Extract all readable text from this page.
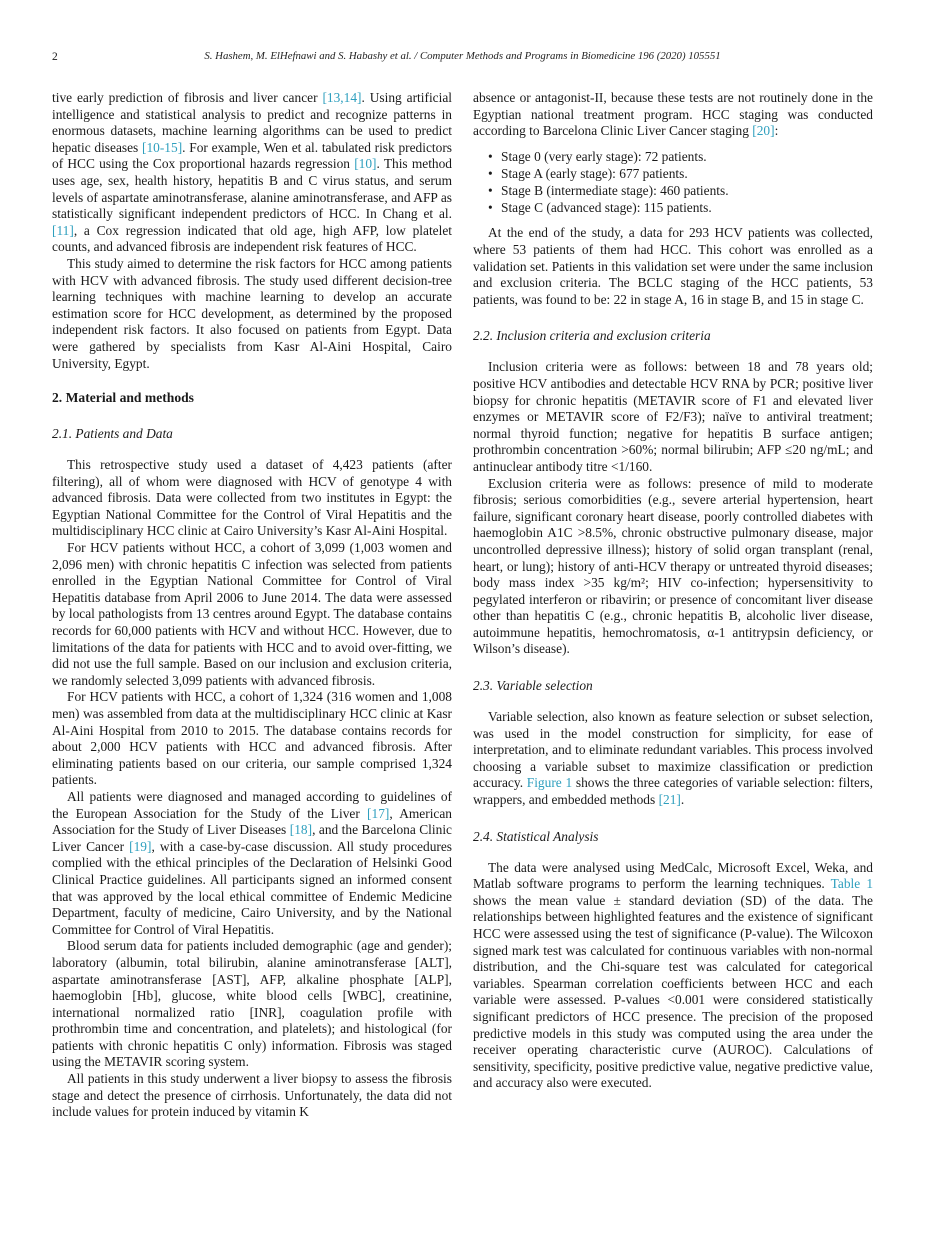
2	S. Hashem, M. ElHefnawi and S. Habashy et al. / Computer Methods and Programs in Biomedicine 196 (2020) 105551

tive early prediction of fibrosis and liver cancer [13,14]. Using artificial intelligence and statistical analysis to predict and recognize patterns in enormous datasets, machine learning algorithms can be used to predict hepatic diseases [10-15]. For example, Wen et al. tabulated risk predictors of HCC using the Cox proportional hazards regression [10]. This method uses age, sex, health history, hepatitis B and C virus status, and serum levels of aspartate aminotransferase, alanine aminotransferase, and AFP as statistically significant independent predictors of HCC. In Chang et al. [11], a Cox regression indicated that old age, high AFP, low platelet counts, and advanced fibrosis are independent risk features of HCC.

This study aimed to determine the risk factors for HCC among patients with HCV with advanced fibrosis. The study used different decision-tree learning techniques with machine learning to develop an accurate estimation score for HCC development, as determined by the proposed independent risk factors. It also focused on patients from Egypt. Data were gathered by specialists from Kasr Al-Aini Hospital, Cairo University, Egypt.

2. Material and methods
2.1. Patients and Data

This retrospective study used a dataset of 4,423 patients (after filtering), all of whom were diagnosed with HCV of genotype 4 with advanced fibrosis. Data were collected from two institutes in Egypt: the Egyptian National Committee for the Control of Viral Hepatitis and the multidisciplinary HCC clinic at Cairo University’s Kasr Al-Aini Hospital.

For HCV patients without HCC, a cohort of 3,099 (1,003 women and 2,096 men) with chronic hepatitis C infection was selected from patients enrolled in the Egyptian National Committee for Control of Viral Hepatitis database from April 2006 to June 2014. The data were assessed by local pathologists from 13 centres around Egypt. The database contains records for 60,000 patients with HCV and without HCC. However, due to limitations of the data for patients with HCC and to avoid over-fitting, we did not use the full sample. Based on our inclusion and exclusion criteria, we randomly selected 3,099 patients with advanced fibrosis.

For HCV patients with HCC, a cohort of 1,324 (316 women and 1,008 men) was assembled from data at the multidisciplinary HCC clinic at Kasr Al-Aini Hospital from 2010 to 2015. The database contains records for about 2,000 HCV patients with HCC and advanced fibrosis. After eliminating patients based on our criteria, our sample comprised 1,324 patients.

All patients were diagnosed and managed according to guidelines of the European Association for the Study of the Liver [17], American Association for the Study of Liver Diseases [18], and the Barcelona Clinic Liver Cancer [19], with a case-by-case discussion. All study procedures complied with the ethical principles of the Declaration of Helsinki Good Clinical Practice guidelines. All participants signed an informed consent that was approved by the local ethical committee of Endemic Medicine Department, faculty of medicine, Cairo University, and by the National Committee for Control of Viral Hepatitis.

Blood serum data for patients included demographic (age and gender); laboratory (albumin, total bilirubin, alanine aminotransferase [ALT], aspartate aminotransferase [AST], AFP, alkaline phosphate [ALP], haemoglobin [Hb], glucose, white blood cells [WBC], creatinine, international normalized ratio [INR], coagulation profile with prothrombin time and concentration, and platelets); and histological (for patients with chronic hepatitis C only) information. Fibrosis was staged using the METAVIR scoring system.

All patients in this study underwent a liver biopsy to assess the fibrosis stage and detect the presence of cirrhosis. Unfortunately, the data did not include values for protein induced by vitamin K

absence or antagonist-II, because these tests are not routinely done in the Egyptian national treatment program. HCC staging was conducted according to Barcelona Clinic Liver Cancer staging [20]:

• Stage 0 (very early stage): 72 patients.
• Stage A (early stage): 677 patients.
• Stage B (intermediate stage): 460 patients.
• Stage C (advanced stage): 115 patients.

At the end of the study, a data for 293 HCV patients was collected, where 53 patients of them had HCC. This cohort was enrolled as a validation set. Patients in this validation set were under the same inclusion and exclusion criteria. The BCLC staging of the HCC patients, 53 patients, was found to be: 22 in stage A, 16 in stage B, and 15 in stage C.

2.2. Inclusion criteria and exclusion criteria

Inclusion criteria were as follows: between 18 and 78 years old; positive HCV antibodies and detectable HCV RNA by PCR; positive liver biopsy for chronic hepatitis (METAVIR score of F1 and elevated liver enzymes or METAVIR score of F2/F3); naïve to antiviral treatment; normal thyroid function; negative for hepatitis B surface antigen; prothrombin concentration >60%; normal bilirubin; AFP ≤20 ng/mL; and antinuclear antibody titre <1/160.

Exclusion criteria were as follows: presence of mild to moderate fibrosis; serious comorbidities (e.g., severe arterial hypertension, heart failure, significant coronary heart disease, poorly controlled diabetes with haemoglobin A1C >8.5%, chronic obstructive pulmonary disease, major uncontrolled depressive illness); history of solid organ transplant (renal, heart, or lung); history of anti-HCV therapy or untreated thyroid diseases; body mass index >35 kg/m²; HIV co-infection; hypersensitivity to pegylated interferon or ribavirin; or presence of concomitant liver disease other than hepatitis C (e.g., chronic hepatitis B, alcoholic liver disease, autoimmune hepatitis, hemochromatosis, α-1 antitrypsin deficiency, or Wilson’s disease).

2.3. Variable selection

Variable selection, also known as feature selection or subset selection, was used in the model construction for simplicity, for ease of interpretation, and to eliminate redundant variables. This process involved choosing a variable subset to maximize classification or prediction accuracy. Figure 1 shows the three categories of variable selection: filters, wrappers, and embedded methods [21].

2.4. Statistical Analysis

The data were analysed using MedCalc, Microsoft Excel, Weka, and Matlab software programs to perform the learning techniques. Table 1 shows the mean value ± standard deviation (SD) of the data. The relationships between highlighted features and the existence of significant HCC were assessed using the test of significance (P-value). The Wilcoxon signed mark test was calculated for continuous variables with non-normal distribution, and the Chi-square test was calculated for categorical variables. Spearman correlation coefficients between HCC and each variable were assessed. P-values <0.001 were considered statistically significant predictors of HCC presence. The precision of the proposed predictive models in this study was computed using the area under the receiver operating characteristic curve (AUROC). Calculations of sensitivity, specificity, positive predictive value, negative predictive value, and accuracy also were executed.
